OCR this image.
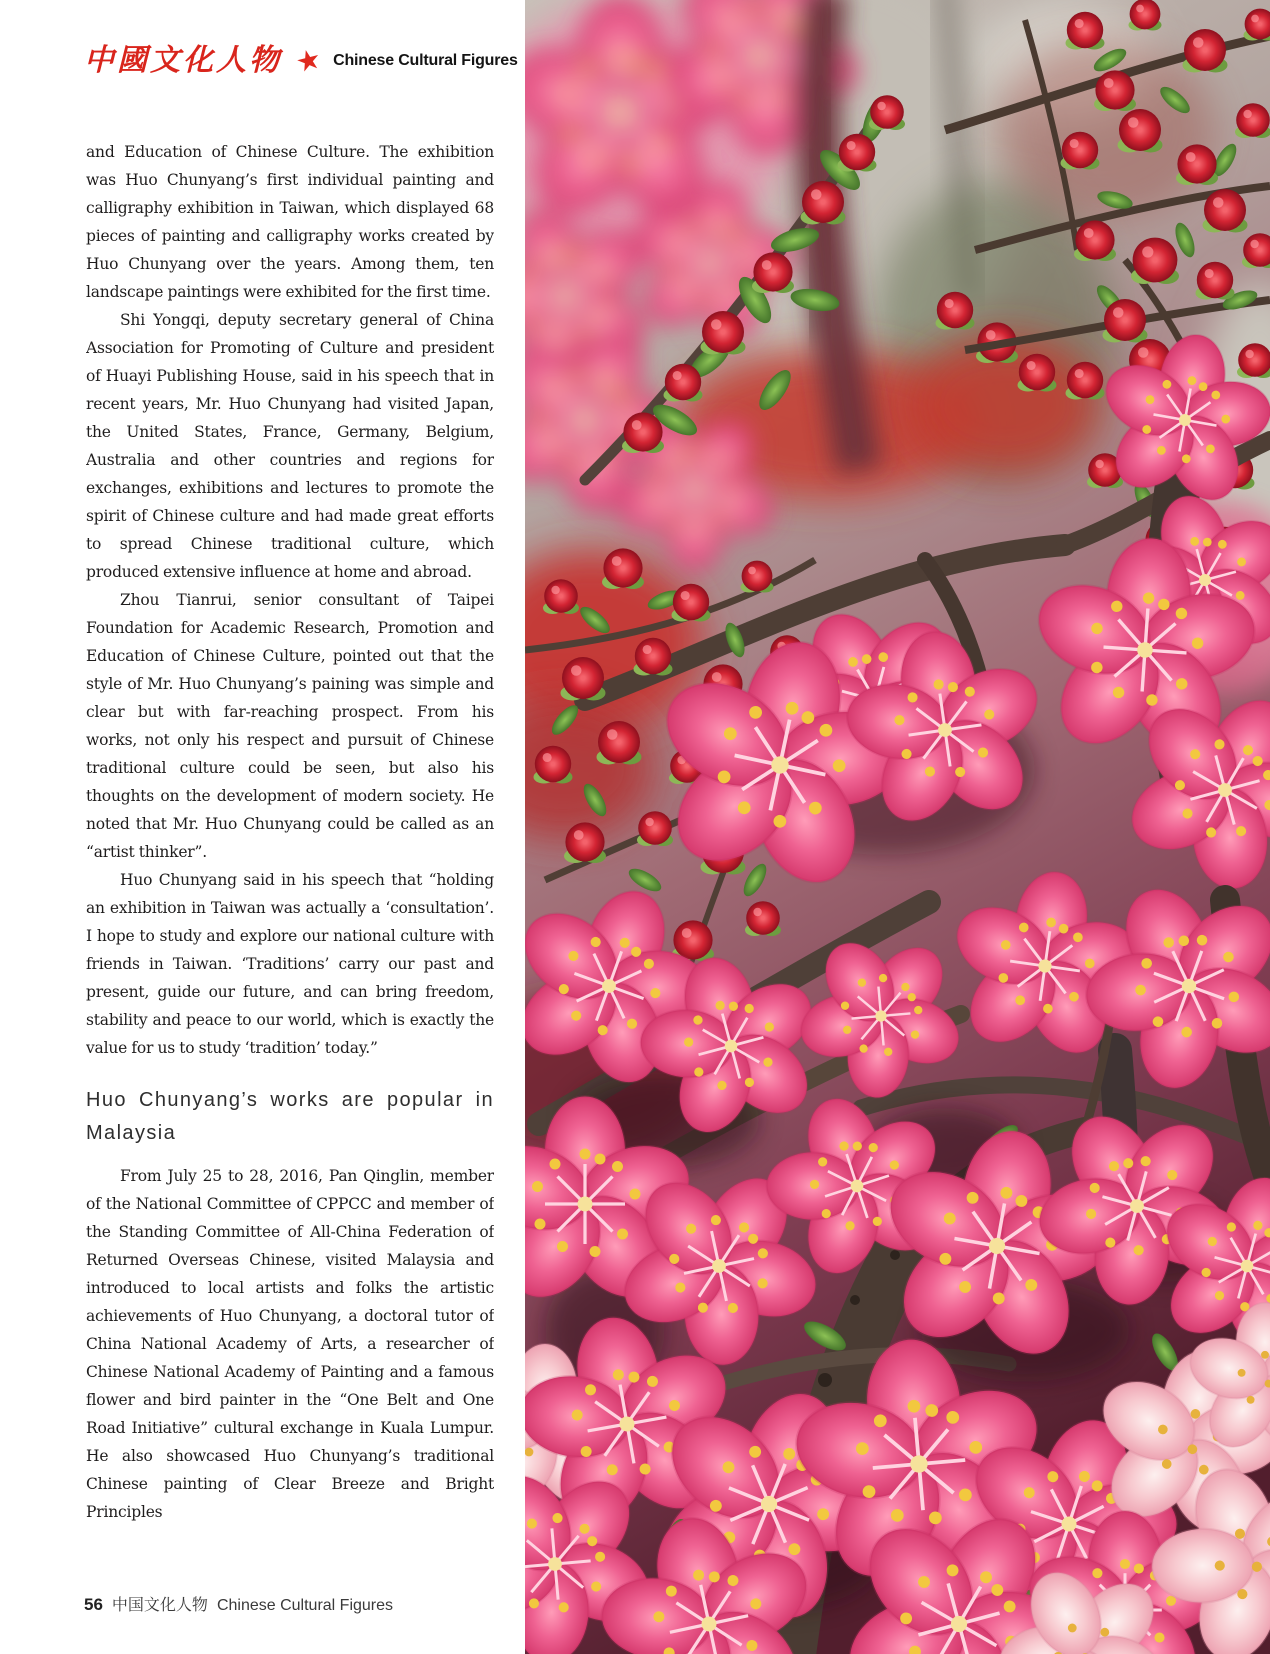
中國文化人物 ★ Chinese Cultural Figures

and Education of Chinese Culture. The exhibition was Huo Chunyang’s first individual painting and calligraphy exhibition in Taiwan, which displayed 68 pieces of painting and calligraphy works created by Huo Chunyang over the years. Among them, ten landscape paintings were exhibited for the first time.

Shi Yongqi, deputy secretary general of China Association for Promoting of Culture and president of Huayi Publishing House, said in his speech that in recent years, Mr. Huo Chunyang had visited Japan, the United States, France, Germany, Belgium, Australia and other countries and regions for exchanges, exhibitions and lectures to promote the spirit of Chinese culture and had made great efforts to spread Chinese traditional culture, which produced extensive influence at home and abroad.

Zhou Tianrui, senior consultant of Taipei Foundation for Academic Research, Promotion and Education of Chinese Culture, pointed out that the style of Mr. Huo Chunyang’s paining was simple and clear but with far-reaching prospect. From his works, not only his respect and pursuit of Chinese traditional culture could be seen, but also his thoughts on the development of modern society. He noted that Mr. Huo Chunyang could be called as an “artist thinker”.

Huo Chunyang said in his speech that “holding an exhibition in Taiwan was actually a ‘consultation’. I hope to study and explore our national culture with friends in Taiwan. ‘Traditions’ carry our past and present, guide our future, and can bring freedom, stability and peace to our world, which is exactly the value for us to study ‘tradition’ today.”

Huo Chunyang’s works are popular in Malaysia

From July 25 to 28, 2016, Pan Qinglin, member of the National Committee of CPPCC and member of the Standing Committee of All-China Federation of Returned Overseas Chinese, visited Malaysia and introduced to local artists and folks the artistic achievements of Huo Chunyang, a doctoral tutor of China National Academy of Arts, a researcher of Chinese National Academy of Painting and a famous flower and bird painter in the “One Belt and One Road Initiative” cultural exchange in Kuala Lumpur. He also showcased Huo Chunyang’s traditional Chinese painting of Clear Breeze and Bright Principles

56 中国文化人物 Chinese Cultural Figures
